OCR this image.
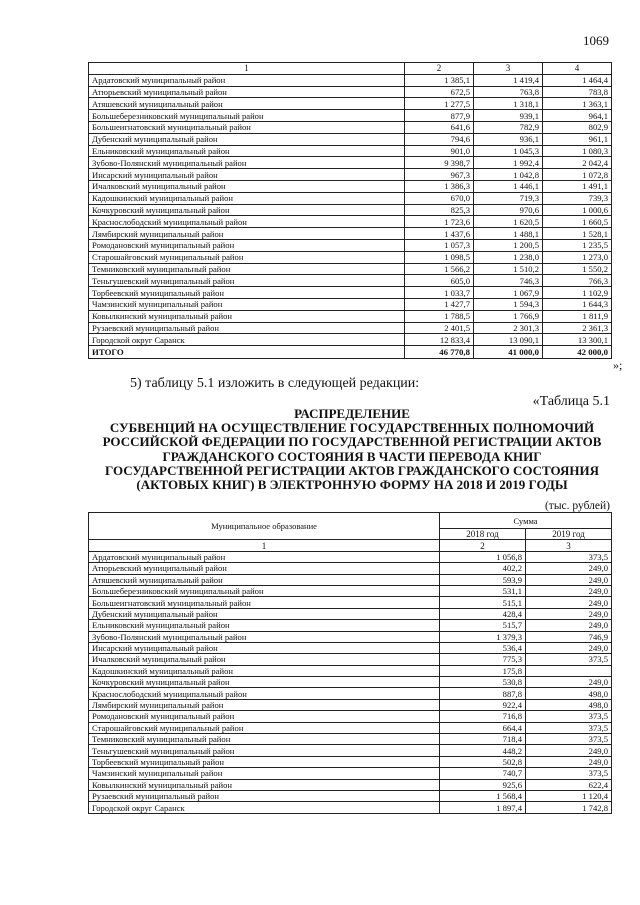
1069
1	2	3	4
Ардатовский муниципальный район	1 385,1	1 419,4	1 464,4
Атюрьевский муниципальный район	672,5	763,8	783,8
Атяшевский муниципальный район	1 277,5	1 318,1	1 363,1
Большеберезниковский муниципальный район	877,9	939,1	964,1
Большеигнатовский муниципальный район	641,6	782,9	802,9
Дубенский муниципальный район	794,6	936,1	961,1
Ельниковский муниципальный район	901,0	1 045,3	1 080,3
Зубово-Полянский муниципальный район	9 398,7	1 992,4	2 042,4
Инсарский муниципальный район	967,3	1 042,8	1 072,8
Ичалковский муниципальный район	1 386,3	1 446,1	1 491,1
Кадошкинский муниципальный район	670,0	719,3	739,3
Кочкуровский муниципальный район	825,3	970,6	1 000,6
Краснослободский муниципальный район	1 723,6	1 620,5	1 660,5
Лямбирский муниципальный район	1 437,6	1 488,1	1 528,1
Ромодановский муниципальный район	1 057,3	1 200,5	1 235,5
Старошайговский муниципальный район	1 098,5	1 238,0	1 273,0
Темниковский муниципальный район	1 566,2	1 510,2	1 550,2
Теньгушевский муниципальный район	605,0	746,3	766,3
Торбеевский муниципальный район	1 033,7	1 067,9	1 102,9
Чамзинский муниципальный район	1 427,7	1 594,3	1 644,3
Ковылкинский муниципальный район	1 788,5	1 766,9	1 811,9
Рузаевский муниципальный район	2 401,5	2 301,3	2 361,3
Городской округ Саранск	12 833,4	13 090,1	13 300,1
ИТОГО	46 770,8	41 000,0	42 000,0
»;
5) таблицу 5.1 изложить в следующей редакции:
«Таблица 5.1
РАСПРЕДЕЛЕНИЕ
СУБВЕНЦИЙ НА ОСУЩЕСТВЛЕНИЕ ГОСУДАРСТВЕННЫХ ПОЛНОМОЧИЙ
РОССИЙСКОЙ ФЕДЕРАЦИИ ПО ГОСУДАРСТВЕННОЙ РЕГИСТРАЦИИ АКТОВ
ГРАЖДАНСКОГО СОСТОЯНИЯ В ЧАСТИ ПЕРЕВОДА КНИГ
ГОСУДАРСТВЕННОЙ РЕГИСТРАЦИИ АКТОВ ГРАЖДАНСКОГО СОСТОЯНИЯ
(АКТОВЫХ КНИГ) В ЭЛЕКТРОННУЮ ФОРМУ НА 2018 И 2019 ГОДЫ
(тыс. рублей)
Муниципальное образование	Сумма	
	2018 год	2019 год
1	2	3
Ардатовский муниципальный район	1 056,8	373,5
Атюрьевский муниципальный район	402,2	249,0
Атяшевский муниципальный район	593,9	249,0
Большеберезниковский муниципальный район	531,1	249,0
Большеигнатовский муниципальный район	515,1	249,0
Дубенский муниципальный район	428,4	249,0
Ельниковский муниципальный район	515,7	249,0
Зубово-Полянский муниципальный район	1 379,3	746,9
Инсарский муниципальный район	536,4	249,0
Ичалковский муниципальный район	775,3	373,5
Кадошкинский муниципальный район	175,8	
Кочкуровский муниципальный район	530,8	249,0
Краснослободский муниципальный район	887,8	498,0
Лямбирский муниципальный район	922,4	498,0
Ромодановский муниципальный район	716,8	373,5
Старошайговский муниципальный район	664,4	373,5
Темниковский муниципальный район	718,4	373,5
Теньгушевский муниципальный район	448,2	249,0
Торбеевский муниципальный район	502,8	249,0
Чамзинский муниципальный район	740,7	373,5
Ковылкинский муниципальный район	925,6	622,4
Рузаевский муниципальный район	1 568,4	1 120,4
Городской округ Саранск	1 897,4	1 742,8
